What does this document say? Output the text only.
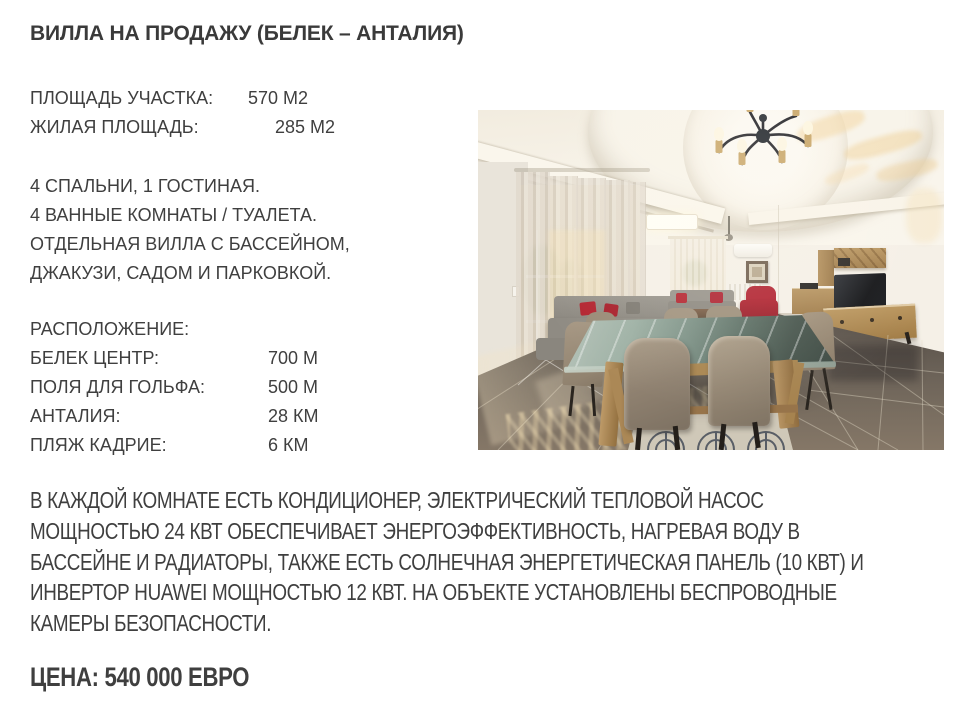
ВИЛЛА НА ПРОДАЖУ (БЕЛЕК – АНТАЛИЯ)
ПЛОЩАДЬ УЧАСТКА: 570 М2
ЖИЛАЯ ПЛОЩАДЬ:	285 М2
4 СПАЛЬНИ, 1 ГОСТИНАЯ.
4 ВАННЫЕ КОМНАТЫ / ТУАЛЕТА.
ОТДЕЛЬНАЯ ВИЛЛА С БАССЕЙНОМ,
ДЖАКУЗИ, САДОМ И ПАРКОВКОЙ.
РАСПОЛОЖЕНИЕ:
БЕЛЕК ЦЕНТР:	700 М
ПОЛЯ ДЛЯ ГОЛЬФА:	500 М
АНТАЛИЯ:	28 КМ
ПЛЯЖ КАДРИЕ:	6 КМ
В КАЖДОЙ КОМНАТЕ ЕСТЬ КОНДИЦИОНЕР, ЭЛЕКТРИЧЕСКИЙ ТЕПЛОВОЙ НАСОС
МОЩНОСТЬЮ 24 КВТ ОБЕСПЕЧИВАЕТ ЭНЕРГОЭФФЕКТИВНОСТЬ, НАГРЕВАЯ ВОДУ В
БАССЕЙНЕ И РАДИАТОРЫ, ТАКЖЕ ЕСТЬ СОЛНЕЧНАЯ ЭНЕРГЕТИЧЕСКАЯ ПАНЕЛЬ (10 КВТ) И
ИНВЕРТОР HUAWEI МОЩНОСТЬЮ 12 КВТ. НА ОБЪЕКТЕ УСТАНОВЛЕНЫ БЕСПРОВОДНЫЕ
КАМЕРЫ БЕЗОПАСНОСТИ.
ЦЕНА: 540 000 ЕВРО
